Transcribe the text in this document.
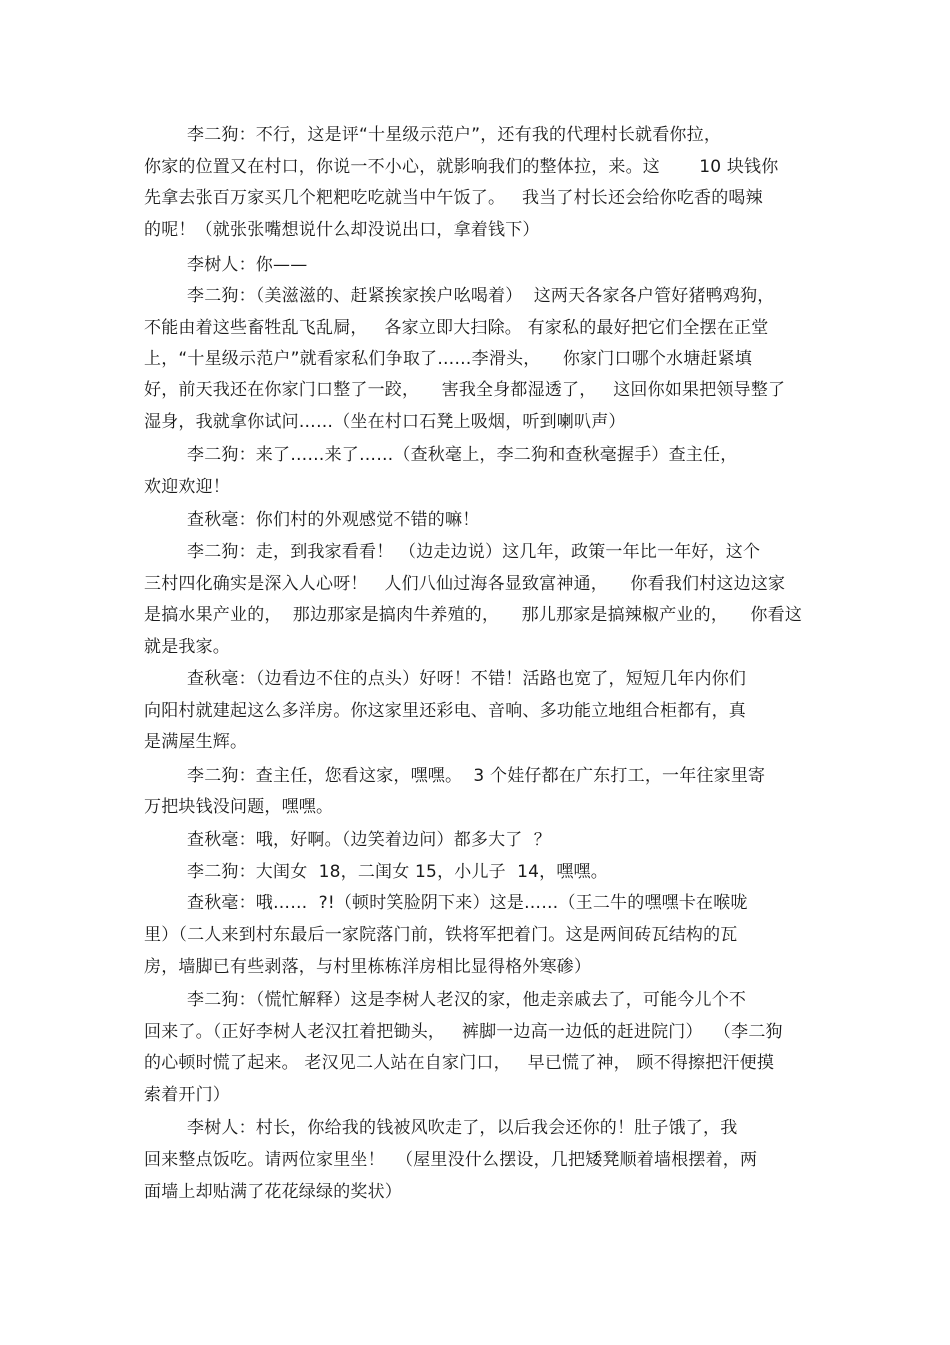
李二狗：不行，这是评“十星级示范户”，还有我的代理村长就看你拉，
你家的位置又在村口，你说一不小心，就影响我们的整体拉，来。这       10 块钱你
先拿去张百万家买几个粑粑吃吃就当中午饭了。   我当了村长还会给你吃香的喝辣
的呢！（就张张嘴想说什么却没说出口，拿着钱下）
李树人：你——
李二狗：（美滋滋的、赶紧挨家挨户吆喝着）  这两天各家各户管好猪鸭鸡狗，
不能由着这些畜牲乱飞乱屙，   各家立即大扫除。 有家私的最好把它们全摆在正堂
上，“十星级示范户”就看家私们争取了……李滑头，    你家门口哪个水塘赶紧填
好，前天我还在你家门口整了一跤，    害我全身都湿透了，   这回你如果把领导整了
湿身，我就拿你试问……（坐在村口石凳上吸烟，听到喇叭声）
李二狗：来了……来了……（查秋毫上，李二狗和查秋毫握手）查主任，
欢迎欢迎！
查秋毫：你们村的外观感觉不错的嘛！
李二狗：走，到我家看看！ （边走边说）这几年，政策一年比一年好，这个
三村四化确实是深入人心呀！   人们八仙过海各显致富神通，    你看我们村这边这家
是搞水果产业的，  那边那家是搞肉牛养殖的，    那儿那家是搞辣椒产业的，    你看这
就是我家。
查秋毫：（边看边不住的点头）好呀！不错！活路也宽了，短短几年内你们
向阳村就建起这么多洋房。你这家里还彩电、音响、多功能立地组合柜都有，真
是满屋生辉。
李二狗：查主任，您看这家，嘿嘿。  3 个娃仔都在广东打工，一年往家里寄
万把块钱没问题，嘿嘿。
查秋毫：哦，好啊。（边笑着边问）都多大了  ？
李二狗：大闺女  18，二闺女 15，小儿子  14，嘿嘿。
查秋毫：哦……  ?!（顿时笑脸阴下来）这是……（王二牛的嘿嘿卡在喉咙
里）（二人来到村东最后一家院落门前，铁将军把着门。这是两间砖瓦结构的瓦
房，墙脚已有些剥落，与村里栋栋洋房相比显得格外寒碜）
李二狗：（慌忙解释）这是李树人老汉的家，他走亲戚去了，可能今儿个不
回来了。（正好李树人老汉扛着把锄头，   裤脚一边高一边低的赶进院门）  （李二狗
的心顿时慌了起来。 老汉见二人站在自家门口，   早已慌了神， 顾不得擦把汗便摸
索着开门）
李树人：村长，你给我的钱被风吹走了，以后我会还你的！肚子饿了，我
回来整点饭吃。请两位家里坐！  （屋里没什么摆设，几把矮凳顺着墙根摆着，两
面墙上却贴满了花花绿绿的奖状）
